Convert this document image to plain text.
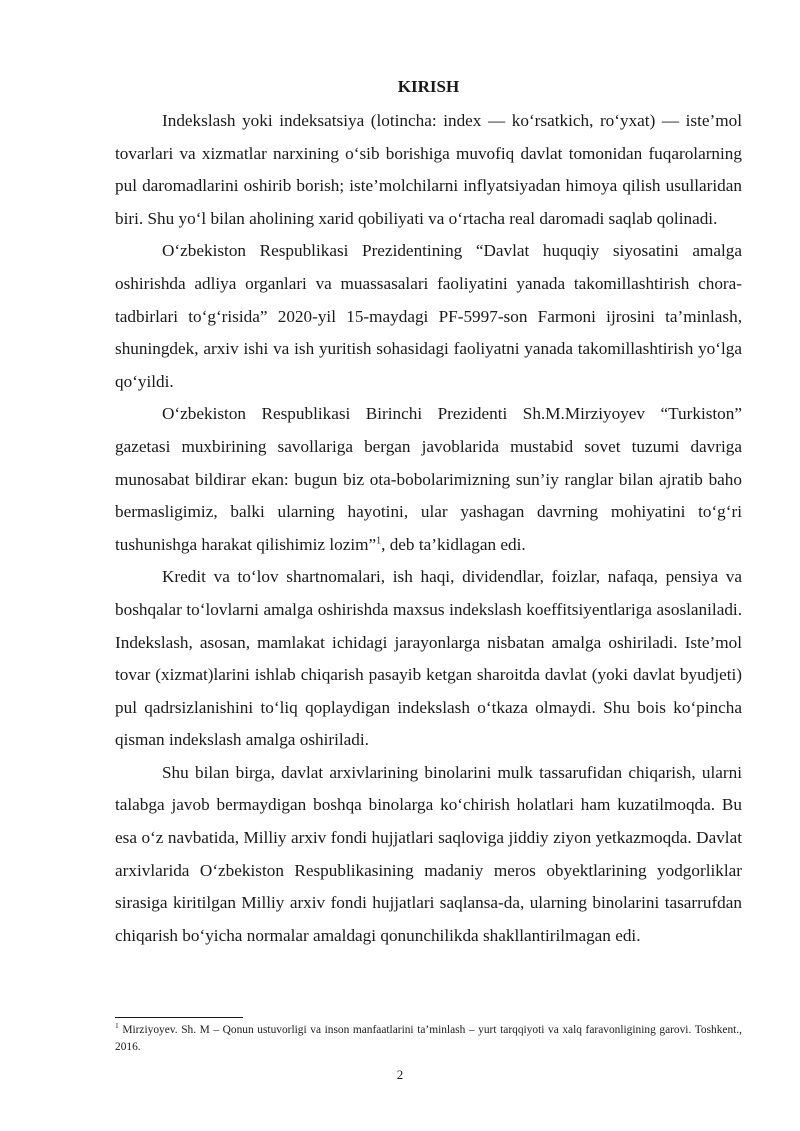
KIRISH

Indekslash yoki indeksatsiya (lotincha: index — ko‘rsatkich, ro‘yxat) — iste’mol tovarlari va xizmatlar narxining o‘sib borishiga muvofiq davlat tomonidan fuqarolarning pul daromadlarini oshirib borish; iste’molchilarni inflyatsiyadan himoya qilish usullaridan biri. Shu yo‘l bilan aholining xarid qobiliyati va o‘rtacha real daromadi saqlab qolinadi.

O‘zbekiston Respublikasi Prezidentining “Davlat huquqiy siyosatini amalga oshirishda adliya organlari va muassasalari faoliyatini yanada takomillashtirish chora-tadbirlari to‘g‘risida” 2020-yil 15-maydagi PF-5997-son Farmoni ijrosini ta’minlash, shuningdek, arxiv ishi va ish yuritish sohasidagi faoliyatni yanada takomillashtirish yo‘lga qo‘yildi.

O‘zbekiston Respublikasi Birinchi Prezidenti Sh.M.Mirziyoyev “Turkiston” gazetasi muxbirining savollariga bergan javoblarida mustabid sovet tuzumi davriga munosabat bildirar ekan: bugun biz ota-bobolarimizning sun’iy ranglar bilan ajratib baho bermasligimiz, balki ularning hayotini, ular yashagan davrning mohiyatini to‘g‘ri tushunishga harakat qilishimiz lozim”$^1$, deb ta’kidlagan edi.

Kredit va to‘lov shartnomalari, ish haqi, dividendlar, foizlar, nafaqa, pensiya va boshqalar to‘lovlarni amalga oshirishda maxsus indekslash koeffitsiyentlariga asoslaniladi. Indekslash, asosan, mamlakat ichidagi jarayonlarga nisbatan amalga oshiriladi. Iste’mol tovar (xizmat)larini ishlab chiqarish pasayib ketgan sharoitda davlat (yoki davlat byudjeti) pul qadrsizlanishini to‘liq qoplaydigan indekslash o‘tkaza olmaydi. Shu bois ko‘pincha qisman indekslash amalga oshiriladi.

Shu bilan birga, davlat arxivlarining binolarini mulk tassarufidan chiqarish, ularni talabga javob bermaydigan boshqa binolarga ko‘chirish holatlari ham kuzatilmoqda. Bu esa o‘z navbatida, Milliy arxiv fondi hujjatlari saqloviga jiddiy ziyon yetkazmoqda. Davlat arxivlarida O‘zbekiston Respublikasining madaniy meros obyektlarining yodgorliklar sirasiga kiritilgan Milliy arxiv fondi hujjatlari saqlansa-da, ularning binolarini tasarrufdan chiqarish bo‘yicha normalar amaldagi qonunchilikda shakllantirilmagan edi.

$^1$ Mirziyoyev. Sh. M – Qonun ustuvorligi va inson manfaatlarini ta’minlash – yurt tarqqiyoti va xalq faravonligining garovi. Toshkent., 2016.
2
